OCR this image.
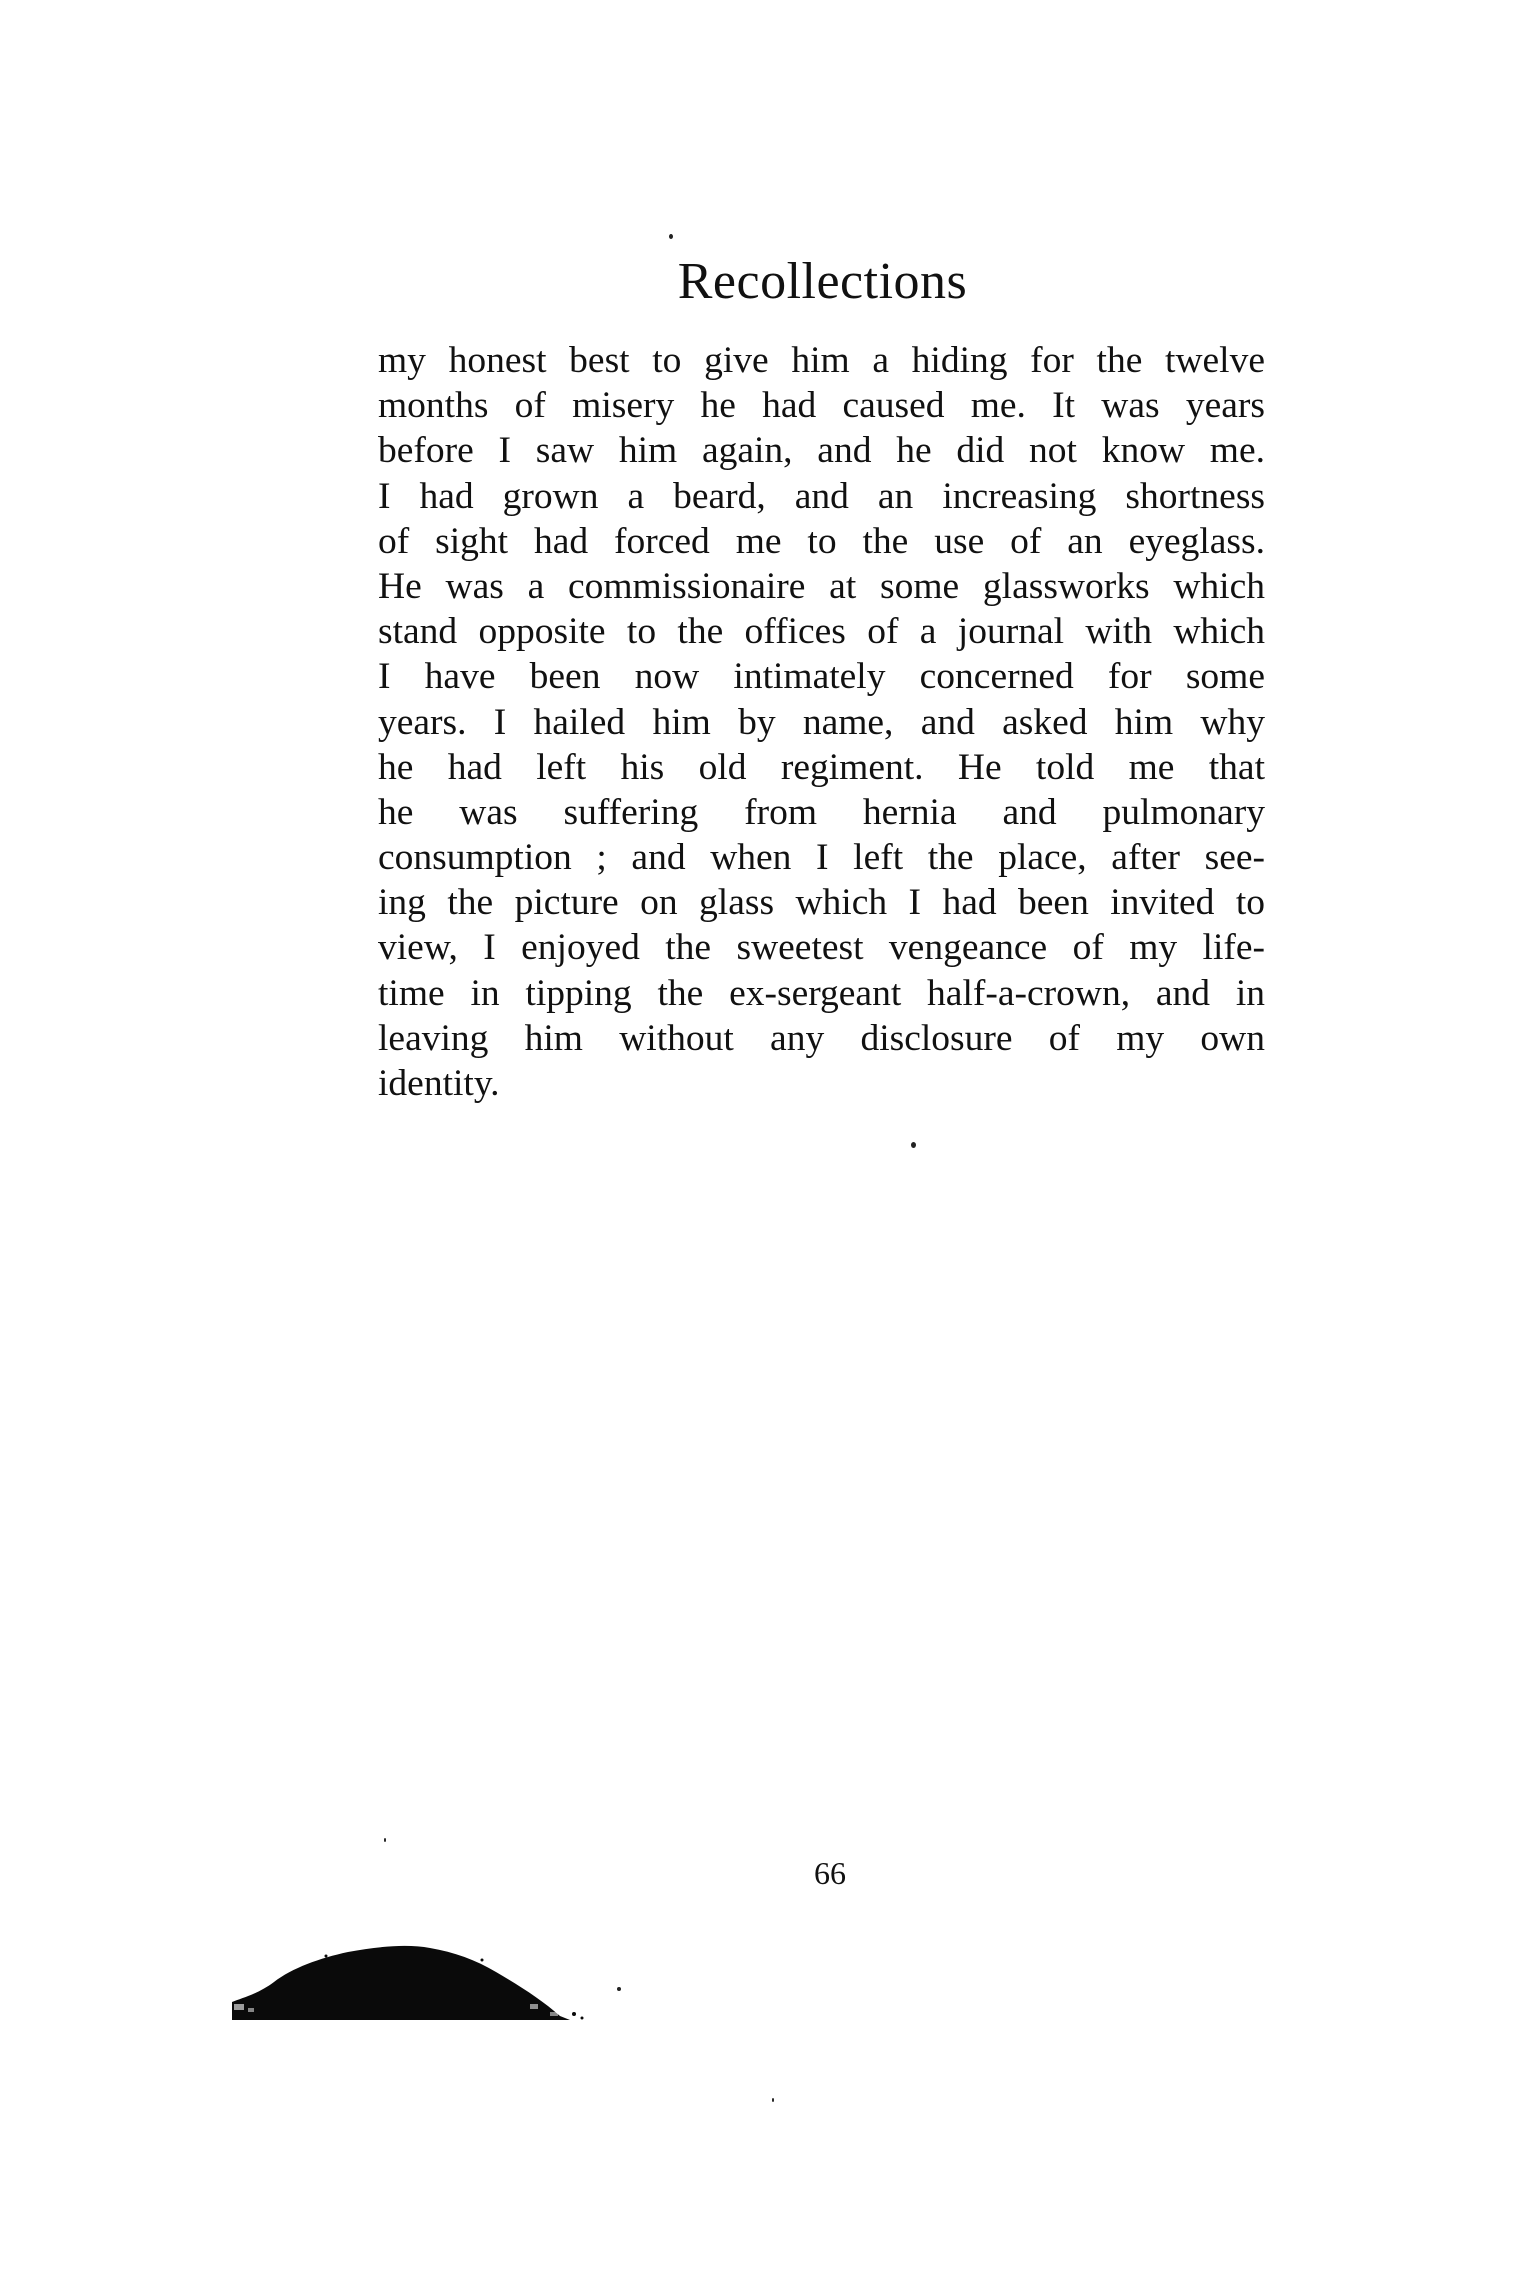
Recollections
my honest best to give him a hiding for the twelve
months of misery he had caused me. It was years
before I saw him again, and he did not know me.
I had grown a beard, and an increasing shortness
of sight had forced me to the use of an eyeglass.
He was a commissionaire at some glassworks which
stand opposite to the offices of a journal with which
I have been now intimately concerned for some
years. I hailed him by name, and asked him why
he had left his old regiment. He told me that
he was suffering from hernia and pulmonary
consumption ; and when I left the place, after see-
ing the picture on glass which I had been invited to
view, I enjoyed the sweetest vengeance of my life-
time in tipping the ex-sergeant half-a-crown, and in
leaving him without any disclosure of my own
identity.
66
